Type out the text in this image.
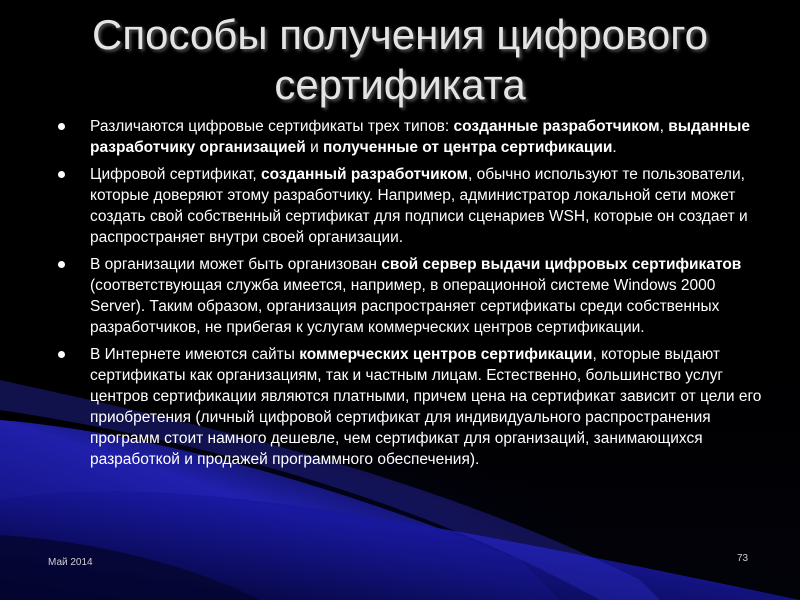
Способы получения цифрового сертификата
Различаются цифровые сертификаты трех типов: созданные разработчиком, выданные разработчику организацией и полученные от центра сертификации.
Цифровой сертификат, созданный разработчиком, обычно используют те пользователи, которые доверяют этому разработчику. Например, администратор локальной сети может создать свой собственный сертификат для подписи сценариев WSH, которые он создает и распространяет внутри своей организации.
В организации может быть организован свой сервер выдачи цифровых сертификатов (соответствующая служба имеется, например, в операционной системе Windows 2000 Server). Таким образом, организация распространяет сертификаты среди собственных разработчиков, не прибегая к услугам коммерческих центров сертификации.
В Интернете имеются сайты коммерческих центров сертификации, которые выдают сертификаты как организациям, так и частным лицам. Естественно, большинство услуг центров сертификации являются платными, причем цена на сертификат зависит от цели его приобретения (личный цифровой сертификат для индивидуального распространения программ стоит намного дешевле, чем сертификат для организаций, занимающихся разработкой и продажей программного обеспечения).
Май 2014	73
